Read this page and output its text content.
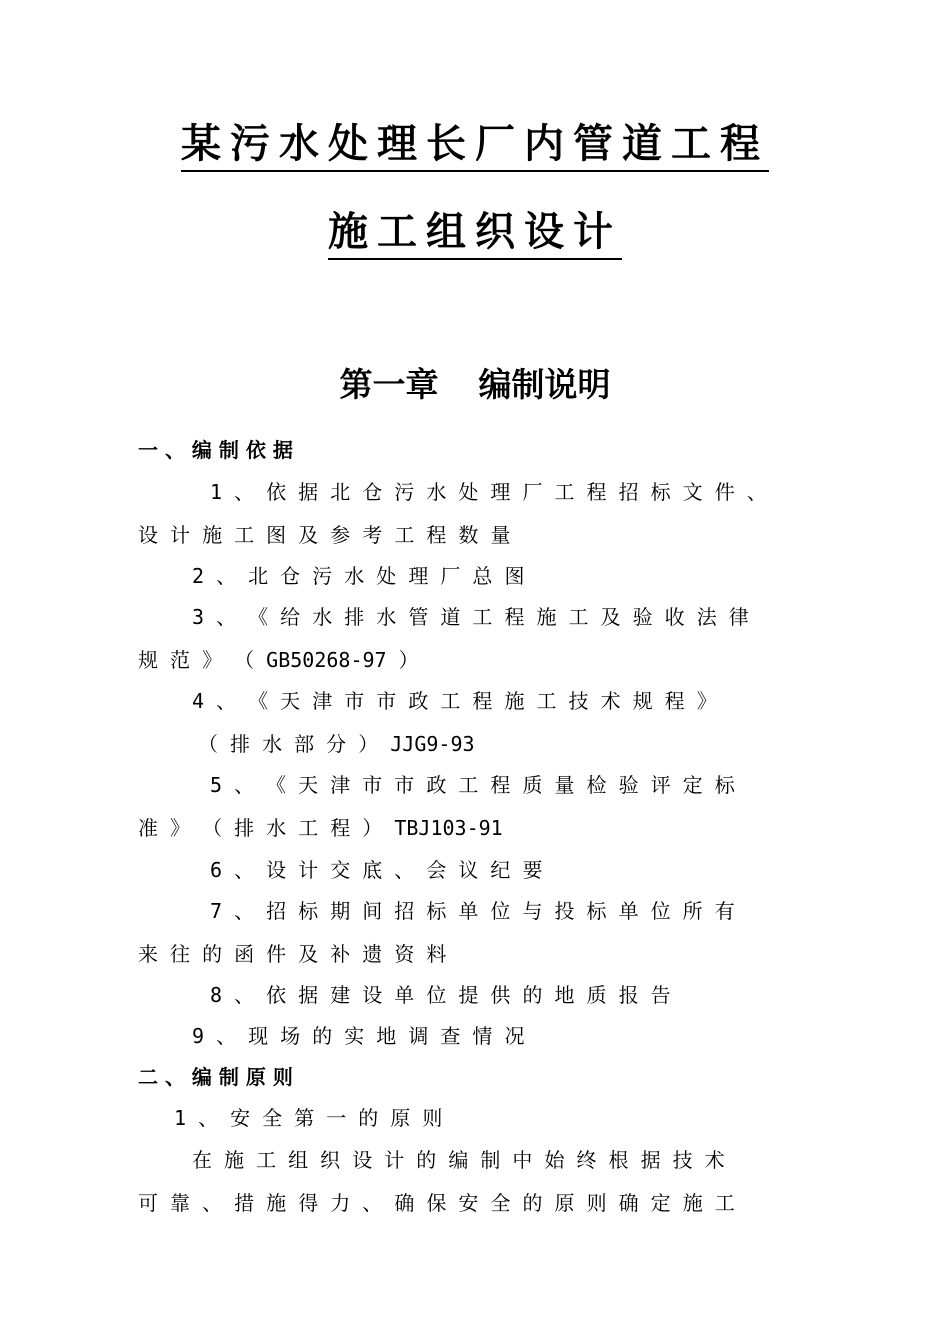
某污水处理长厂内管道工程
施工组织设计
第一章 编制说明
一 、 编 制 依 据
1 、 依 据 北 仓 污 水 处 理 厂 工 程 招 标 文 件 、
设 计 施 工 图 及 参 考 工 程 数 量
2 、 北 仓 污 水 处 理 厂 总 图
3 、 《 给 水 排 水 管 道 工 程 施 工 及 验 收 法 律
规 范 》 （ GB50268-97 ）
4 、 《 天 津 市 市 政 工 程 施 工 技 术 规 程 》
（ 排 水 部 分 ） JJG9-93
5 、 《 天 津 市 市 政 工 程 质 量 检 验 评 定 标
准 》 （ 排 水 工 程 ） TBJ103-91
6 、 设 计 交 底 、 会 议 纪 要
7 、 招 标 期 间 招 标 单 位 与 投 标 单 位 所 有
来 往 的 函 件 及 补 遗 资 料
8 、 依 据 建 设 单 位 提 供 的 地 质 报 告
9 、 现 场 的 实 地 调 查 情 况
二 、 编 制 原 则
1 、 安 全 第 一 的 原 则
在 施 工 组 织 设 计 的 编 制 中 始 终 根 据 技 术
可 靠 、 措 施 得 力 、 确 保 安 全 的 原 则 确 定 施 工
